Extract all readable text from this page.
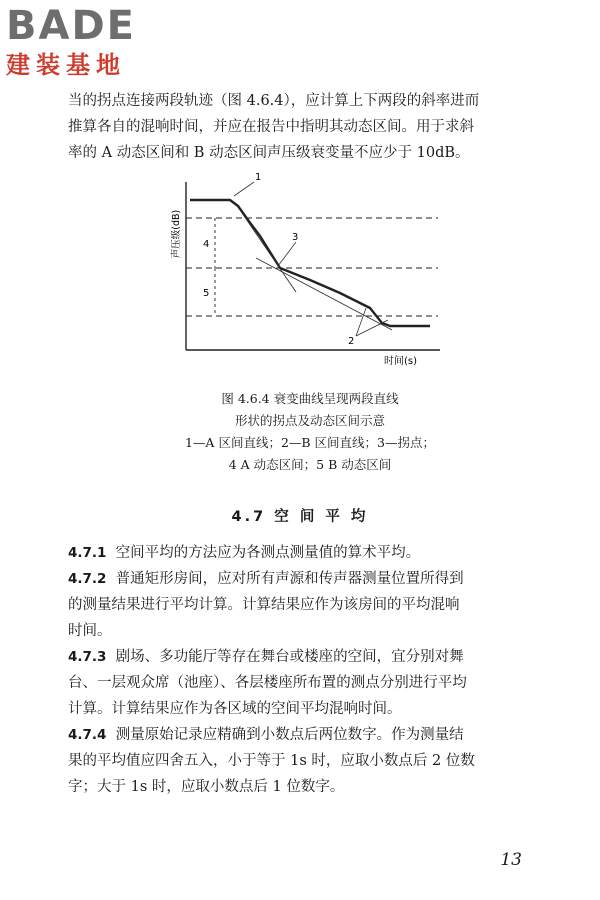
BADE
建装基地
当的拐点连接两段轨迹（图 4.6.4），应计算上下两段的斜率进而
推算各自的混响时间，并应在报告中指明其动态区间。用于求斜
率的 A 动态区间和 B 动态区间声压级衰变量不应少于 10dB。
4
5
1
3
2
声压级(dB)
时间(s)
图 4.6.4 衰变曲线呈现两段直线
形状的拐点及动态区间示意
1—A 区间直线；2—B 区间直线；3—拐点；
4 A 动态区间；5 B 动态区间
4.7 空 间 平 均
4.7.1 空间平均的方法应为各测点测量值的算术平均。
4.7.2 普通矩形房间，应对所有声源和传声器测量位置所得到
的测量结果进行平均计算。计算结果应作为该房间的平均混响
时间。
4.7.3 剧场、多功能厅等存在舞台或楼座的空间，宜分别对舞
台、一层观众席（池座）、各层楼座所布置的测点分别进行平均
计算。计算结果应作为各区域的空间平均混响时间。
4.7.4 测量原始记录应精确到小数点后两位数字。作为测量结
果的平均值应四舍五入，小于等于 1s 时，应取小数点后 2 位数
字；大于 1s 时，应取小数点后 1 位数字。
13
